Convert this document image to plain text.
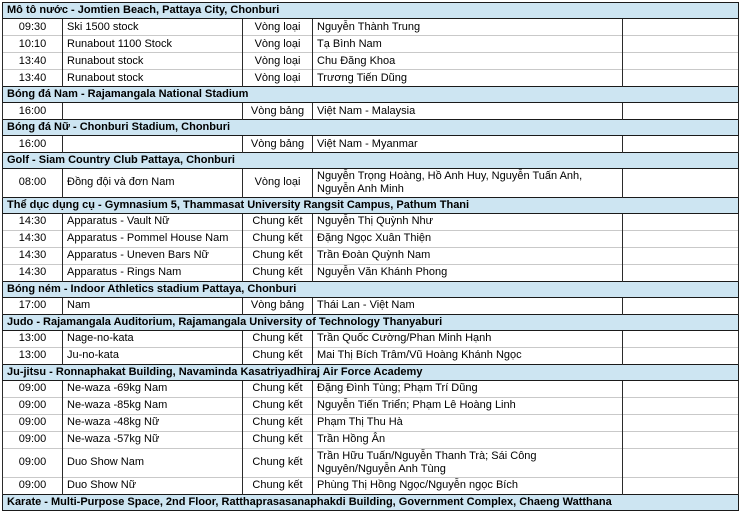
Mô tô nước - Jomtien Beach, Pattaya City, Chonburi				
09:30	Ski 1500 stock	Vòng loại	Nguyễn Thành Trung	
10:10	Runabout 1100 Stock	Vòng loại	Tạ Bình Nam	
13:40	Runabout stock	Vòng loại	Chu Đăng Khoa	
13:40	Runabout stock	Vòng loại	Trương Tiến Dũng	
Bóng đá Nam - Rajamangala National Stadium				
16:00		Vòng bảng	Việt Nam - Malaysia	
Bóng đá Nữ - Chonburi Stadium, Chonburi				
16:00		Vòng bảng	Việt Nam - Myanmar	
Golf - Siam Country Club Pattaya, Chonburi				
08:00	Đồng đội và đơn Nam	Vòng loại	Nguyễn Trọng Hoàng, Hồ Anh Huy, Nguyễn Tuấn Anh, Nguyễn Anh Minh	
Thể dục dụng cụ - Gymnasium 5, Thammasat University Rangsit Campus, Pathum Thani				
14:30	Apparatus - Vault Nữ	Chung kết	Nguyễn Thị Quỳnh Như	
14:30	Apparatus - Pommel House Nam	Chung kết	Đặng Ngọc Xuân Thiện	
14:30	Apparatus - Uneven Bars Nữ	Chung kết	Trần Đoàn Quỳnh Nam	
14:30	Apparatus - Rings Nam	Chung kết	Nguyễn Văn Khánh Phong	
Bóng ném - Indoor Athletics stadium Pattaya, Chonburi				
17:00	Nam	Vòng bảng	Thái Lan - Việt Nam	
Judo - Rajamangala Auditorium, Rajamangala University of Technology Thanyaburi				
13:00	Nage-no-kata	Chung kết	Trần Quốc Cường/Phan Minh Hạnh	
13:00	Ju-no-kata	Chung kết	Mai Thị Bích Trâm/Vũ Hoàng Khánh Ngọc	
Ju-jitsu - Ronnaphakat Building, Navaminda Kasatriyadhiraj Air Force Academy				
09:00	Ne-waza -69kg Nam	Chung kết	Đặng Đình Tùng; Phạm Trí Dũng	
09:00	Ne-waza -85kg Nam	Chung kết	Nguyễn Tiến Triển; Phạm Lê Hoàng Linh	
09:00	Ne-waza -48kg Nữ	Chung kết	Phạm Thị Thu Hà	
09:00	Ne-waza -57kg Nữ	Chung kết	Trần Hồng Ân	
09:00	Duo Show Nam	Chung kết	Trần Hữu Tuấn/Nguyễn Thanh Trà; Sái Công Nguyên/Nguyễn Anh Tùng	
09:00	Duo Show Nữ	Chung kết	Phùng Thị Hồng Ngọc/Nguyễn ngọc Bích	
Karate - Multi-Purpose Space, 2nd Floor, Ratthaprasasanaphakdi Building, Government Complex, Chaeng Watthana				
